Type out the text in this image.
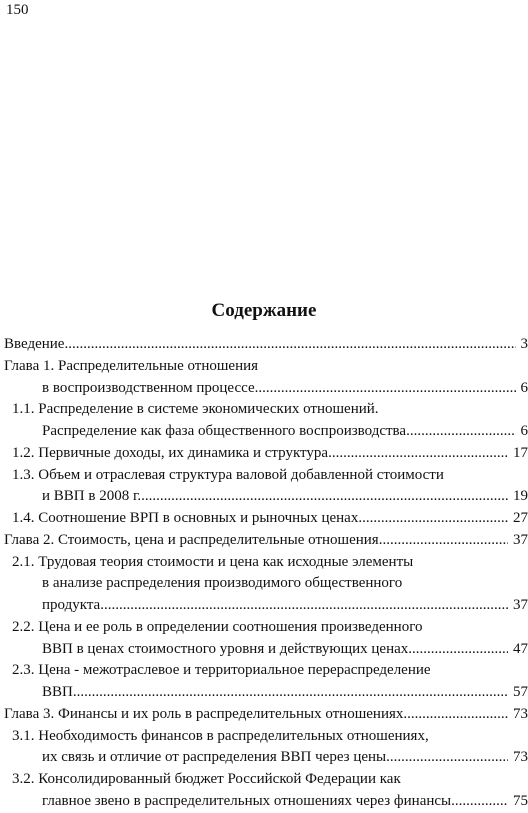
150
Содержание
Введение .....	3
Глава 1. Распределительные отношения
в воспроизводственном процессе .....	6
1.1. Распределение в системе экономических отношений.
Распределение как фаза общественного воспроизводства .....	6
1.2. Первичные доходы, их динамика и структура .....	17
1.3. Объем и отраслевая структура валовой добавленной стоимости
и ВВП в 2008 г. .....	19
1.4. Соотношение ВРП в основных и рыночных ценах .....	27
Глава 2. Стоимость, цена и распределительные отношения .....	37
2.1. Трудовая теория стоимости и цена как исходные элементы
в анализе распределения производимого общественного
продукта .....	37
2.2. Цена и ее роль в определении соотношения произведенного
ВВП в ценах стоимостного уровня и действующих ценах .....	47
2.3. Цена - межотраслевое и территориальное перераспределение
ВВП .....	57
Глава 3. Финансы и их роль в распределительных отношениях .....	73
3.1. Необходимость финансов в распределительных отношениях,
их связь и отличие от распределения ВВП через цены .....	73
3.2. Консолидированный бюджет Российской Федерации как
главное звено в распределительных отношениях через финансы .....	75
